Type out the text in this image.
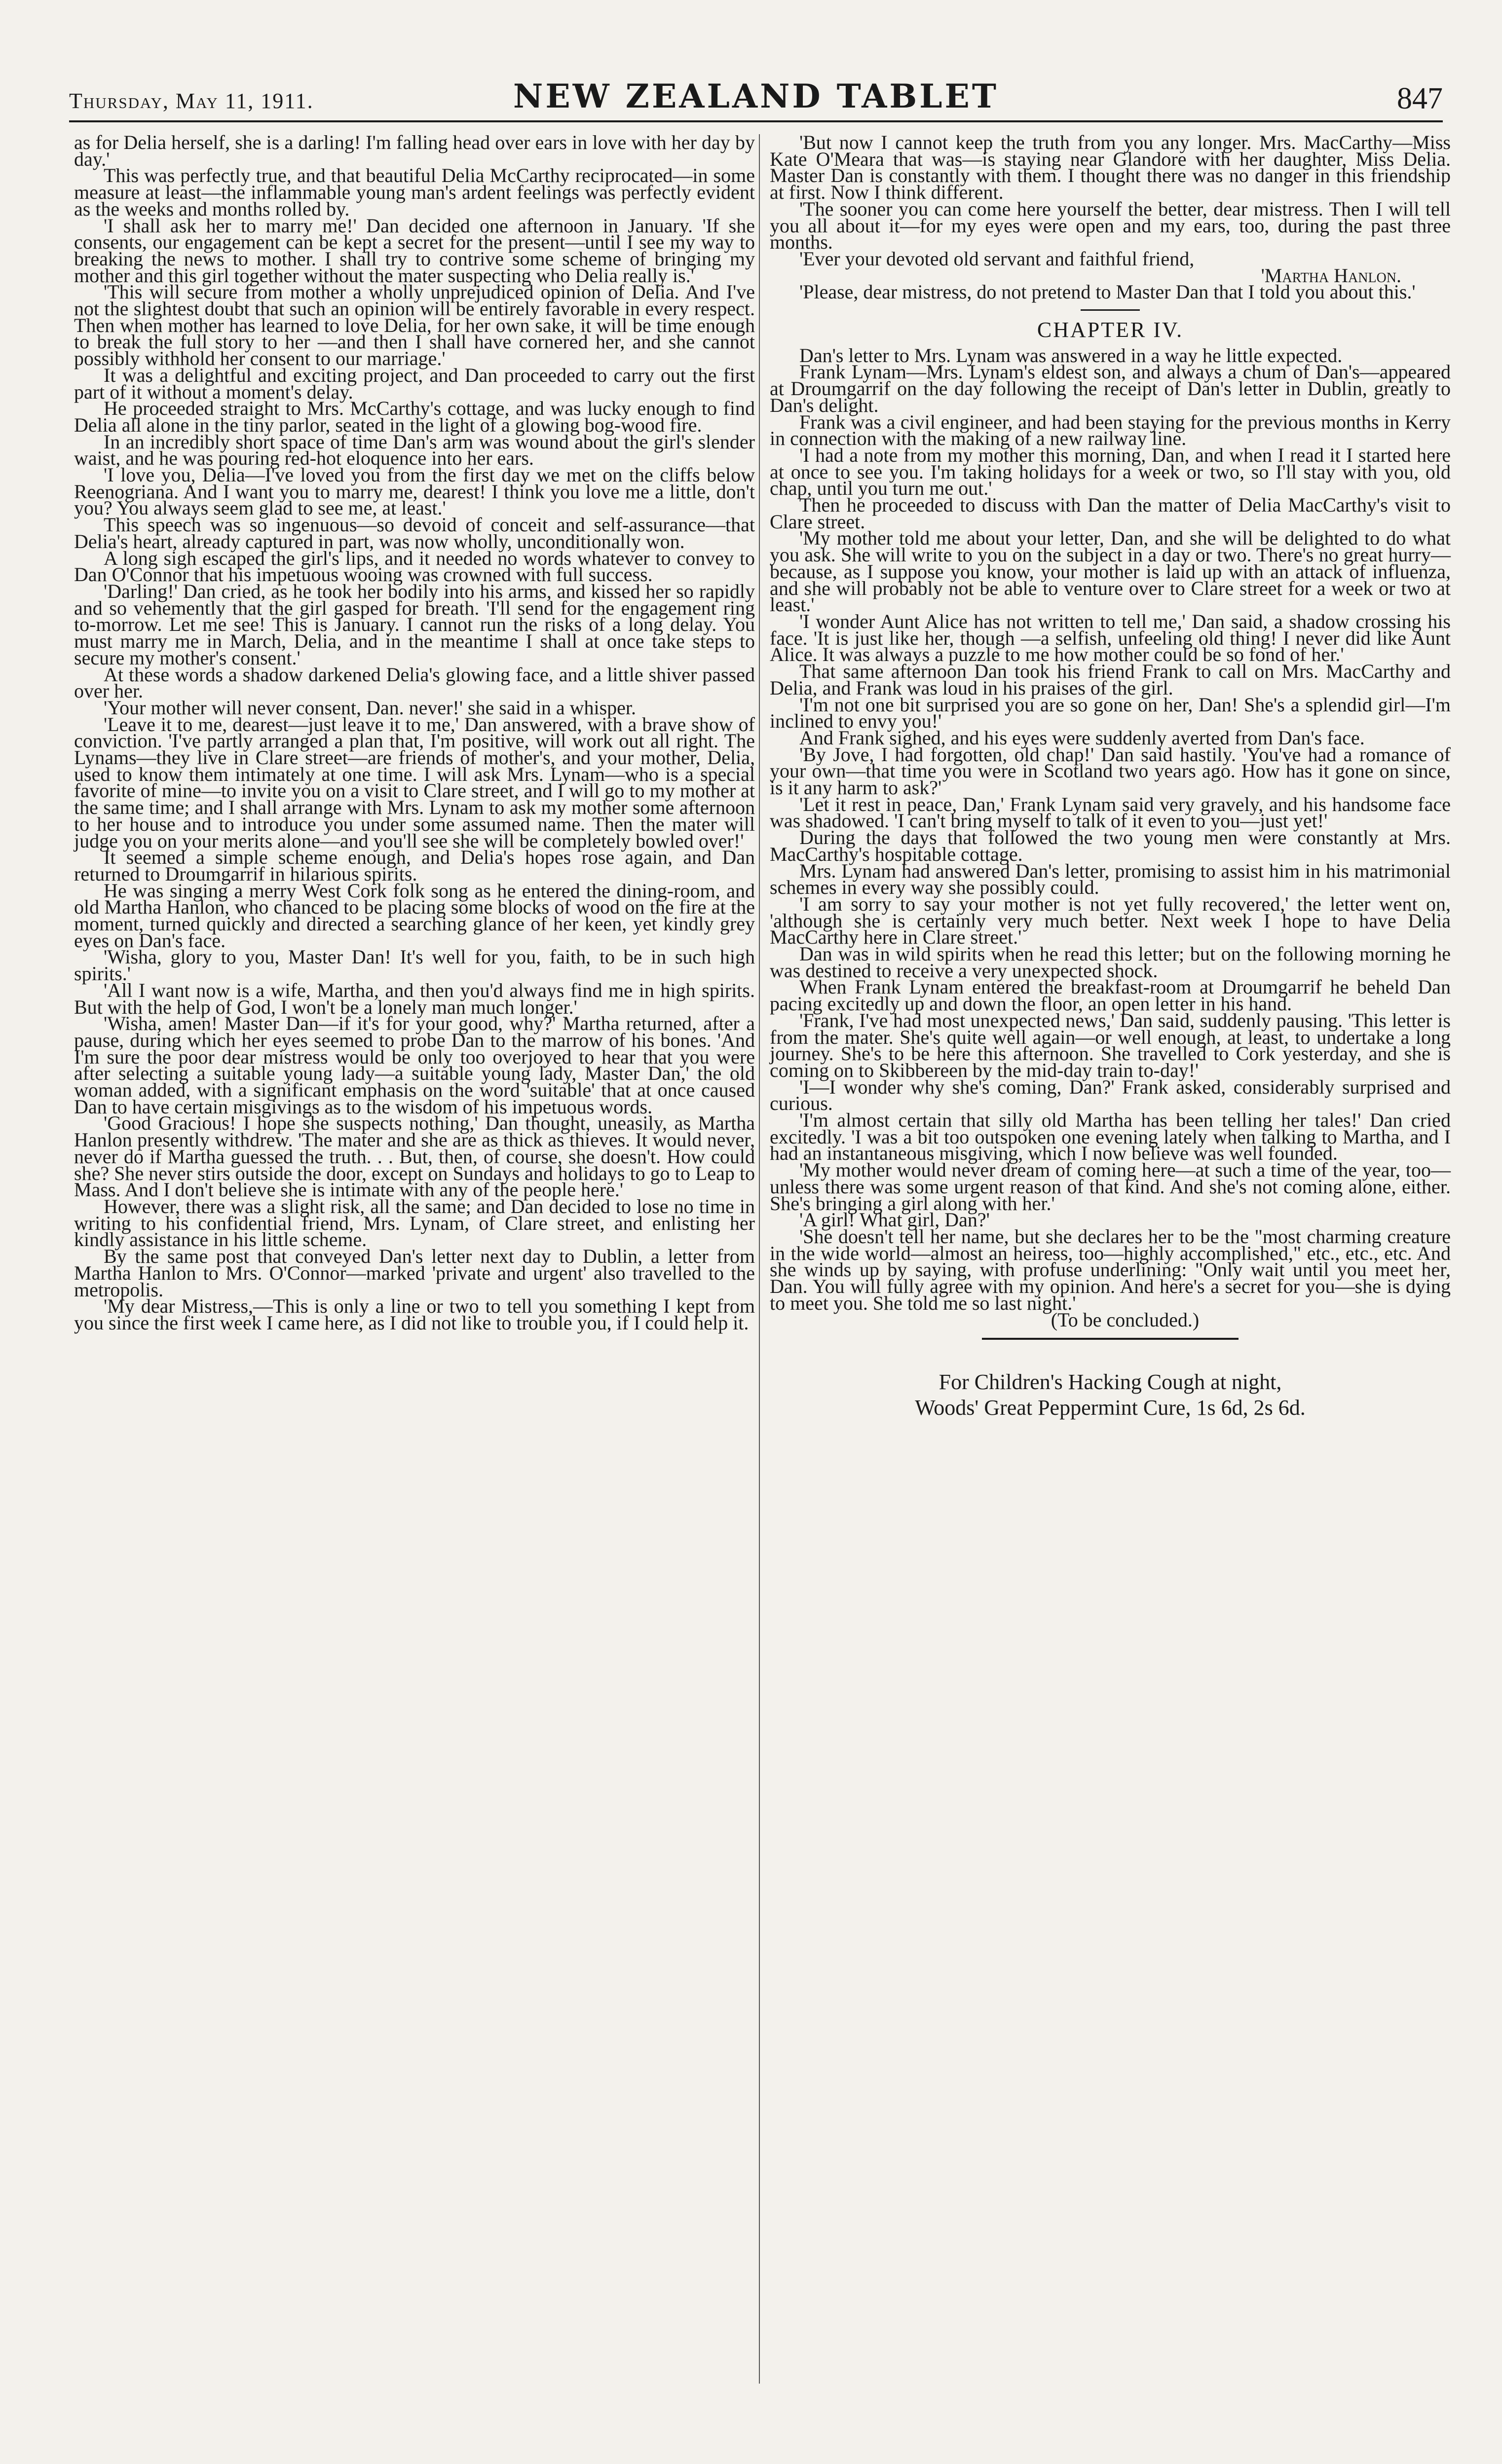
Thursday, May 11, 1911.	NEW ZEALAND TABLET	847

as for Delia herself, she is a darling! I'm falling head over ears in love with her day by day.'

This was perfectly true, and that beautiful Delia McCarthy reciprocated—in some measure at least—the inflammable young man's ardent feelings was perfectly evident as the weeks and months rolled by.

'I shall ask her to marry me!' Dan decided one afternoon in January. 'If she consents, our engagement can be kept a secret for the present—until I see my way to breaking the news to mother. I shall try to contrive some scheme of bringing my mother and this girl together without the mater suspecting who Delia really is.'

'This will secure from mother a wholly unprejudiced opinion of Delia. And I've not the slightest doubt that such an opinion will be entirely favorable in every respect. Then when mother has learned to love Delia, for her own sake, it will be time enough to break the full story to her —and then I shall have cornered her, and she cannot possibly withhold her consent to our marriage.'

It was a delightful and exciting project, and Dan proceeded to carry out the first part of it without a moment's delay.

He proceeded straight to Mrs. McCarthy's cottage, and was lucky enough to find Delia all alone in the tiny parlor, seated in the light of a glowing bog-wood fire.

In an incredibly short space of time Dan's arm was wound about the girl's slender waist, and he was pouring red-hot eloquence into her ears.

'I love you, Delia—I've loved you from the first day we met on the cliffs below Reenogriana. And I want you to marry me, dearest! I think you love me a little, don't you? You always seem glad to see me, at least.'

This speech was so ingenuous—so devoid of conceit and self-assurance—that Delia's heart, already captured in part, was now wholly, unconditionally won.

A long sigh escaped the girl's lips, and it needed no words whatever to convey to Dan O'Connor that his impetuous wooing was crowned with full success.

'Darling!' Dan cried, as he took her bodily into his arms, and kissed her so rapidly and so vehemently that the girl gasped for breath. 'I'll send for the engagement ring to-morrow. Let me see! This is January. I cannot run the risks of a long delay. You must marry me in March, Delia, and in the meantime I shall at once take steps to secure my mother's consent.'

At these words a shadow darkened Delia's glowing face, and a little shiver passed over her.

'Your mother will never consent, Dan. never!' she said in a whisper.

'Leave it to me, dearest—just leave it to me,' Dan answered, with a brave show of conviction. 'I've partly arranged a plan that, I'm positive, will work out all right. The Lynams—they live in Clare street—are friends of mother's, and your mother, Delia, used to know them intimately at one time. I will ask Mrs. Lynam—who is a special favorite of mine—to invite you on a visit to Clare street, and I will go to my mother at the same time; and I shall arrange with Mrs. Lynam to ask my mother some afternoon to her house and to introduce you under some assumed name. Then the mater will judge you on your merits alone—and you'll see she will be completely bowled over!'

It seemed a simple scheme enough, and Delia's hopes rose again, and Dan returned to Droumgarrif in hilarious spirits.

He was singing a merry West Cork folk song as he entered the dining-room, and old Martha Hanlon, who chanced to be placing some blocks of wood on the fire at the moment, turned quickly and directed a searching glance of her keen, yet kindly grey eyes on Dan's face.

'Wisha, glory to you, Master Dan! It's well for you, faith, to be in such high spirits.'

'All I want now is a wife, Martha, and then you'd always find me in high spirits. But with the help of God, I won't be a lonely man much longer.'

'Wisha, amen! Master Dan—if it's for your good, why?' Martha returned, after a pause, during which her eyes seemed to probe Dan to the marrow of his bones. 'And I'm sure the poor dear mistress would be only too overjoyed to hear that you were after selecting a suitable young lady—a suitable young lady, Master Dan,' the old woman added, with a significant emphasis on the word 'suitable' that at once caused Dan to have certain misgivings as to the wisdom of his impetuous words.

'Good Gracious! I hope she suspects nothing,' Dan thought, uneasily, as Martha Hanlon presently withdrew. 'The mater and she are as thick as thieves. It would never, never do if Martha guessed the truth. . . But, then, of course, she doesn't. How could she? She never stirs outside the door, except on Sundays and holidays to go to Leap to Mass. And I don't believe she is intimate with any of the people here.'

However, there was a slight risk, all the same; and Dan decided to lose no time in writing to his confidential friend, Mrs. Lynam, of Clare street, and enlisting her kindly assistance in his little scheme.

By the same post that conveyed Dan's letter next day to Dublin, a letter from Martha Hanlon to Mrs. O'Connor—marked 'private and urgent' also travelled to the metropolis.

'My dear Mistress,—This is only a line or two to tell you something I kept from you since the first week I came here, as I did not like to trouble you, if I could help it.

'But now I cannot keep the truth from you any longer. Mrs. MacCarthy—Miss Kate O'Meara that was—is staying near Glandore with her daughter, Miss Delia. Master Dan is constantly with them. I thought there was no danger in this friendship at first. Now I think different.

'The sooner you can come here yourself the better, dear mistress. Then I will tell you all about it—for my eyes were open and my ears, too, during the past three months.

'Ever your devoted old servant and faithful friend,

'Martha Hanlon.

'Please, dear mistress, do not pretend to Master Dan that I told you about this.'

CHAPTER IV.

Dan's letter to Mrs. Lynam was answered in a way he little expected.

Frank Lynam—Mrs. Lynam's eldest son, and always a chum of Dan's—appeared at Droumgarrif on the day following the receipt of Dan's letter in Dublin, greatly to Dan's delight.

Frank was a civil engineer, and had been staying for the previous months in Kerry in connection with the making of a new railway line.

'I had a note from my mother this morning, Dan, and when I read it I started here at once to see you. I'm taking holidays for a week or two, so I'll stay with you, old chap, until you turn me out.'

Then he proceeded to discuss with Dan the matter of Delia MacCarthy's visit to Clare street.

'My mother told me about your letter, Dan, and she will be delighted to do what you ask. She will write to you on the subject in a day or two. There's no great hurry—because, as I suppose you know, your mother is laid up with an attack of influenza, and she will probably not be able to venture over to Clare street for a week or two at least.'

'I wonder Aunt Alice has not written to tell me,' Dan said, a shadow crossing his face. 'It is just like her, though —a selfish, unfeeling old thing! I never did like Aunt Alice. It was always a puzzle to me how mother could be so fond of her.'

That same afternoon Dan took his friend Frank to call on Mrs. MacCarthy and Delia, and Frank was loud in his praises of the girl.

'I'm not one bit surprised you are so gone on her, Dan! She's a splendid girl—I'm inclined to envy you!'

And Frank sighed, and his eyes were suddenly averted from Dan's face.

'By Jove, I had forgotten, old chap!' Dan said hastily. 'You've had a romance of your own—that time you were in Scotland two years ago. How has it gone on since, is it any harm to ask?'

'Let it rest in peace, Dan,' Frank Lynam said very gravely, and his handsome face was shadowed. 'I can't bring myself to talk of it even to you—just yet!'

During the days that followed the two young men were constantly at Mrs. MacCarthy's hospitable cottage.

Mrs. Lynam had answered Dan's letter, promising to assist him in his matrimonial schemes in every way she possibly could.

'I am sorry to say your mother is not yet fully recovered,' the letter went on, 'although she is certainly very much better. Next week I hope to have Delia MacCarthy here in Clare street.'

Dan was in wild spirits when he read this letter; but on the following morning he was destined to receive a very unexpected shock.

When Frank Lynam entered the breakfast-room at Droumgarrif he beheld Dan pacing excitedly up and down the floor, an open letter in his hand.

'Frank, I've had most unexpected news,' Dan said, suddenly pausing. 'This letter is from the mater. She's quite well again—or well enough, at least, to undertake a long journey. She's to be here this afternoon. She travelled to Cork yesterday, and she is coming on to Skibbereen by the mid-day train to-day!'

'I—I wonder why she's coming, Dan?' Frank asked, considerably surprised and curious.

'I'm almost certain that silly old Martha has been telling her tales!' Dan cried excitedly. 'I was a bit too outspoken one evening lately when talking to Martha, and I had an instantaneous misgiving, which I now believe was well founded.

'My mother would never dream of coming here—at such a time of the year, too—unless there was some urgent reason of that kind. And she's not coming alone, either. She's bringing a girl along with her.'

'A girl! What girl, Dan?'

'She doesn't tell her name, but she declares her to be the "most charming creature in the wide world—almost an heiress, too—highly accomplished," etc., etc., etc. And she winds up by saying, with profuse underlining: "Only wait until you meet her, Dan. You will fully agree with my opinion. And here's a secret for you—she is dying to meet you. She told me so last night.'

(To be concluded.)

For Children's Hacking Cough at night,
Woods' Great Peppermint Cure, 1s 6d, 2s 6d.
